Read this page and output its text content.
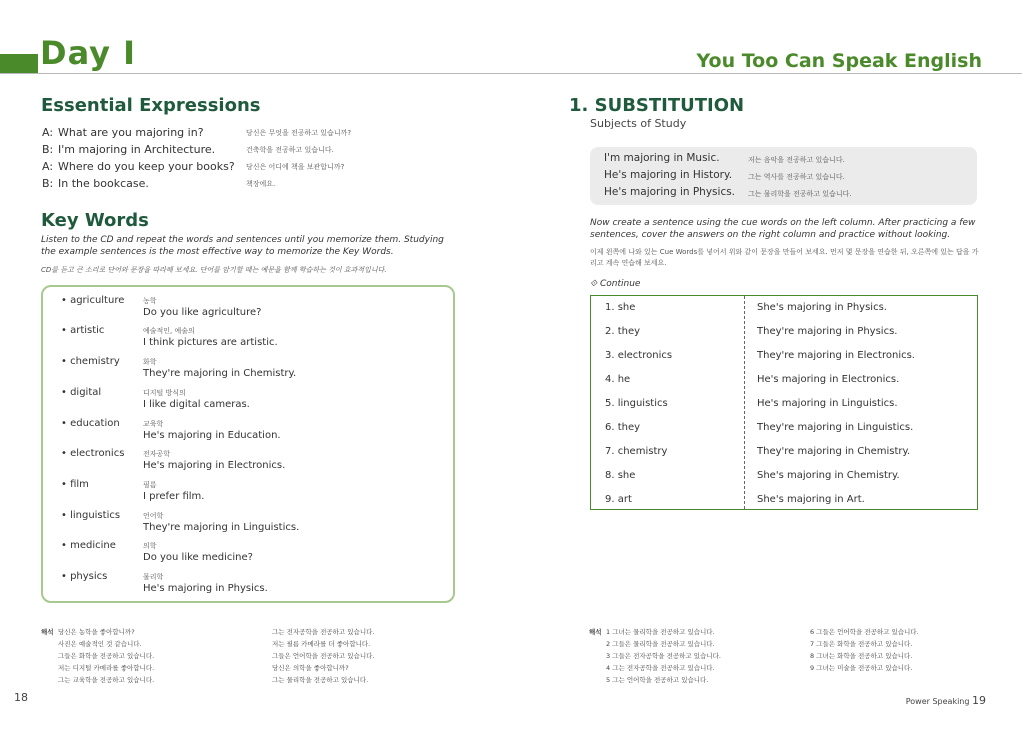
Day I	You Too Can Speak English
Essential Expressions
A: What are you majoring in?	당신은 무엇을 전공하고 있습니까?
B: I'm majoring in Architecture.	건축학을 전공하고 있습니다.
A: Where do you keep your books?	당신은 어디에 책을 보관합니까?
B: In the bookcase.	책장에요.
Key Words
Listen to the CD and repeat the words and sentences until you memorize them. Studying the example sentences is the most effective way to memorize the Key Words.
CD를 듣고 큰 소리로 단어와 문장을 따라해 보세요. 단어를 암기할 때는 예문을 함께 학습하는 것이 효과적입니다.
• agriculture	농학
Do you like agriculture?
• artistic	예술적인, 예술의
I think pictures are artistic.
• chemistry	화학
They're majoring in Chemistry.
• digital	디지털 방식의
I like digital cameras.
• education	교육학
He's majoring in Education.
• electronics	전자공학
He's majoring in Electronics.
• film	필름
I prefer film.
• linguistics	언어학
They're majoring in Linguistics.
• medicine	의학
Do you like medicine?
• physics	물리학
He's majoring in Physics.
1. SUBSTITUTION
Subjects of Study
I'm majoring in Music.	저는 음악을 전공하고 있습니다.
He's majoring in History. 그는 역사를 전공하고 있습니다.
He's majoring in Physics. 그는 물리학을 전공하고 있습니다.
Now create a sentence using the cue words on the left column. After practicing a few sentences, cover the answers on the right column and practice without looking.
이제 왼쪽에 나와 있는 Cue Words를 넣어서 위와 같이 문장을 만들어 보세요. 먼저 몇 문장을 연습한 뒤, 오른쪽에 있는 답을 가리고 계속 연습해 보세요.
⟐ Continue
1. she	She's majoring in Physics.
2. they	They're majoring in Physics.
3. electronics	They're majoring in Electronics.
4. he	He's majoring in Electronics.
5. linguistics	He's majoring in Linguistics.
6. they	They're majoring in Linguistics.
7. chemistry	They're majoring in Chemistry.
8. she	She's majoring in Chemistry.
9. art	She's majoring in Art.
해석 당신은 농학을 좋아합니까?
사진은 예술적인 것 같습니다.
그들은 화학을 전공하고 있습니다.
저는 디지털 카메라를 좋아합니다.
그는 교육학을 전공하고 있습니다.
그는 전자공학을 전공하고 있습니다.
저는 필름 카메라를 더 좋아합니다.
그들은 언어학을 전공하고 있습니다.
당신은 의학을 좋아합니까?
그는 물리학을 전공하고 있습니다.
해석 1 그녀는 물리학을 전공하고 있습니다.
2 그들은 물리학을 전공하고 있습니다.
3 그들은 전자공학을 전공하고 있습니다.
4 그는 전자공학을 전공하고 있습니다.
5 그는 언어학을 전공하고 있습니다.
6 그들은 언어학을 전공하고 있습니다.
7 그들은 화학을 전공하고 있습니다.
8 그녀는 화학을 전공하고 있습니다.
9 그녀는 미술을 전공하고 있습니다.
18	Power Speaking 19
